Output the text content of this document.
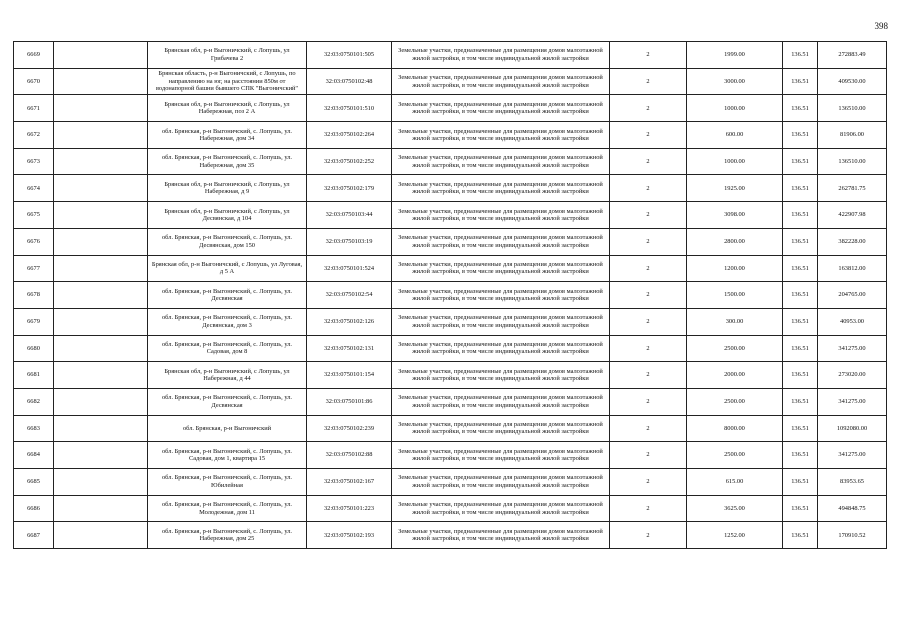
398
6669		Брянская обл, р-н Выгоничский, с Лопушь, ул Грибачева 2	32:03:0750101:505	Земельные участки, предназначенные для размещения домов малоэтажной жилой застройки, в том числе индивидуальной жилой застройки	2	1999.00	136.51	272883.49
6670		Брянская область, р-н Выгоничский, с Лопушь, по направлению на юг, на расстоянии 850м от водонапорной башни бывшего СПК "Выгоничский"	32:03:0750102:48	Земельные участки, предназначенные для размещения домов малоэтажной жилой застройки, в том числе индивидуальной жилой застройки	2	3000.00	136.51	409530.00
6671		Брянская обл, р-н Выгоничский, с Лопушь, ул Набережная, поз 2 А	32:03:0750101:510	Земельные участки, предназначенные для размещения домов малоэтажной жилой застройки, в том числе индивидуальной жилой застройки	2	1000.00	136.51	136510.00
6672		обл. Брянская, р-н Выгоничский, с. Лопушь, ул. Набережная, дом 34	32:03:0750102:264	Земельные участки, предназначенные для размещения домов малоэтажной жилой застройки, в том числе индивидуальной жилой застройки	2	600.00	136.51	81906.00
6673		обл. Брянская, р-н Выгоничский, с. Лопушь, ул. Набережная, дом 35	32:03:0750102:252	Земельные участки, предназначенные для размещения домов малоэтажной жилой застройки, в том числе индивидуальной жилой застройки	2	1000.00	136.51	136510.00
6674		Брянская обл, р-н Выгоничский, с Лопушь, ул Набережная, д 9	32:03:0750102:179	Земельные участки, предназначенные для размещения домов малоэтажной жилой застройки, в том числе индивидуальной жилой застройки	2	1925.00	136.51	262781.75
6675		Брянская обл, р-н Выгоничский, с Лопушь, ул Десвянская, д 104	32:03:0750103:44	Земельные участки, предназначенные для размещения домов малоэтажной жилой застройки, в том числе индивидуальной жилой застройки	2	3098.00	136.51	422907.98
6676		обл. Брянская, р-н Выгоничский, с. Лопушь, ул. Десвянская, дом 150	32:03:0750103:19	Земельные участки, предназначенные для размещения домов малоэтажной жилой застройки, в том числе индивидуальной жилой застройки	2	2800.00	136.51	382228.00
6677		Брянская обл, р-н Выгоничский, с Лопушь, ул Луговая, д 5 А	32:03:0750101:524	Земельные участки, предназначенные для размещения домов малоэтажной жилой застройки, в том числе индивидуальной жилой застройки	2	1200.00	136.51	163812.00
6678		обл. Брянская, р-н Выгоничский, с. Лопушь, ул. Десвянская	32:03:0750102:54	Земельные участки, предназначенные для размещения домов малоэтажной жилой застройки, в том числе индивидуальной жилой застройки	2	1500.00	136.51	204765.00
6679		обл. Брянская, р-н Выгоничский, с. Лопушь, ул. Десвянская, дом 3	32:03:0750102:126	Земельные участки, предназначенные для размещения домов малоэтажной жилой застройки, в том числе индивидуальной жилой застройки	2	300.00	136.51	40953.00
6680		обл. Брянская, р-н Выгоничский, с. Лопушь, ул. Садовая, дом 8	32:03:0750102:131	Земельные участки, предназначенные для размещения домов малоэтажной жилой застройки, в том числе индивидуальной жилой застройки	2	2500.00	136.51	341275.00
6681		Брянская обл, р-н Выгоничский, с Лопушь, ул Набережная, д 44	32:03:0750101:154	Земельные участки, предназначенные для размещения домов малоэтажной жилой застройки, в том числе индивидуальной жилой застройки	2	2000.00	136.51	273020.00
6682		обл. Брянская, р-н Выгоничский, с. Лопушь, ул. Десвянская	32:03:0750101:86	Земельные участки, предназначенные для размещения домов малоэтажной жилой застройки, в том числе индивидуальной жилой застройки	2	2500.00	136.51	341275.00
6683		обл. Брянская, р-н Выгоничский	32:03:0750102:239	Земельные участки, предназначенные для размещения домов малоэтажной жилой застройки, в том числе индивидуальной жилой застройки	2	8000.00	136.51	1092080.00
6684		обл. Брянская, р-н Выгоничский, с. Лопушь, ул. Садовая, дом 1, квартира 15	32:03:0750102:88	Земельные участки, предназначенные для размещения домов малоэтажной жилой застройки, в том числе индивидуальной жилой застройки	2	2500.00	136.51	341275.00
6685		обл. Брянская, р-н Выгоничский, с. Лопушь, ул. Юбилейная	32:03:0750102:167	Земельные участки, предназначенные для размещения домов малоэтажной жилой застройки, в том числе индивидуальной жилой застройки	2	615.00	136.51	83953.65
6686		обл. Брянская, р-н Выгоничский, с. Лопушь, ул. Молодежная, дом 11	32:03:0750101:223	Земельные участки, предназначенные для размещения домов малоэтажной жилой застройки, в том числе индивидуальной жилой застройки	2	3625.00	136.51	494848.75
6687		обл. Брянская, р-н Выгоничский, с. Лопушь, ул. Набережная, дом 25	32:03:0750102:193	Земельные участки, предназначенные для размещения домов малоэтажной жилой застройки, в том числе индивидуальной жилой застройки	2	1252.00	136.51	170910.52
